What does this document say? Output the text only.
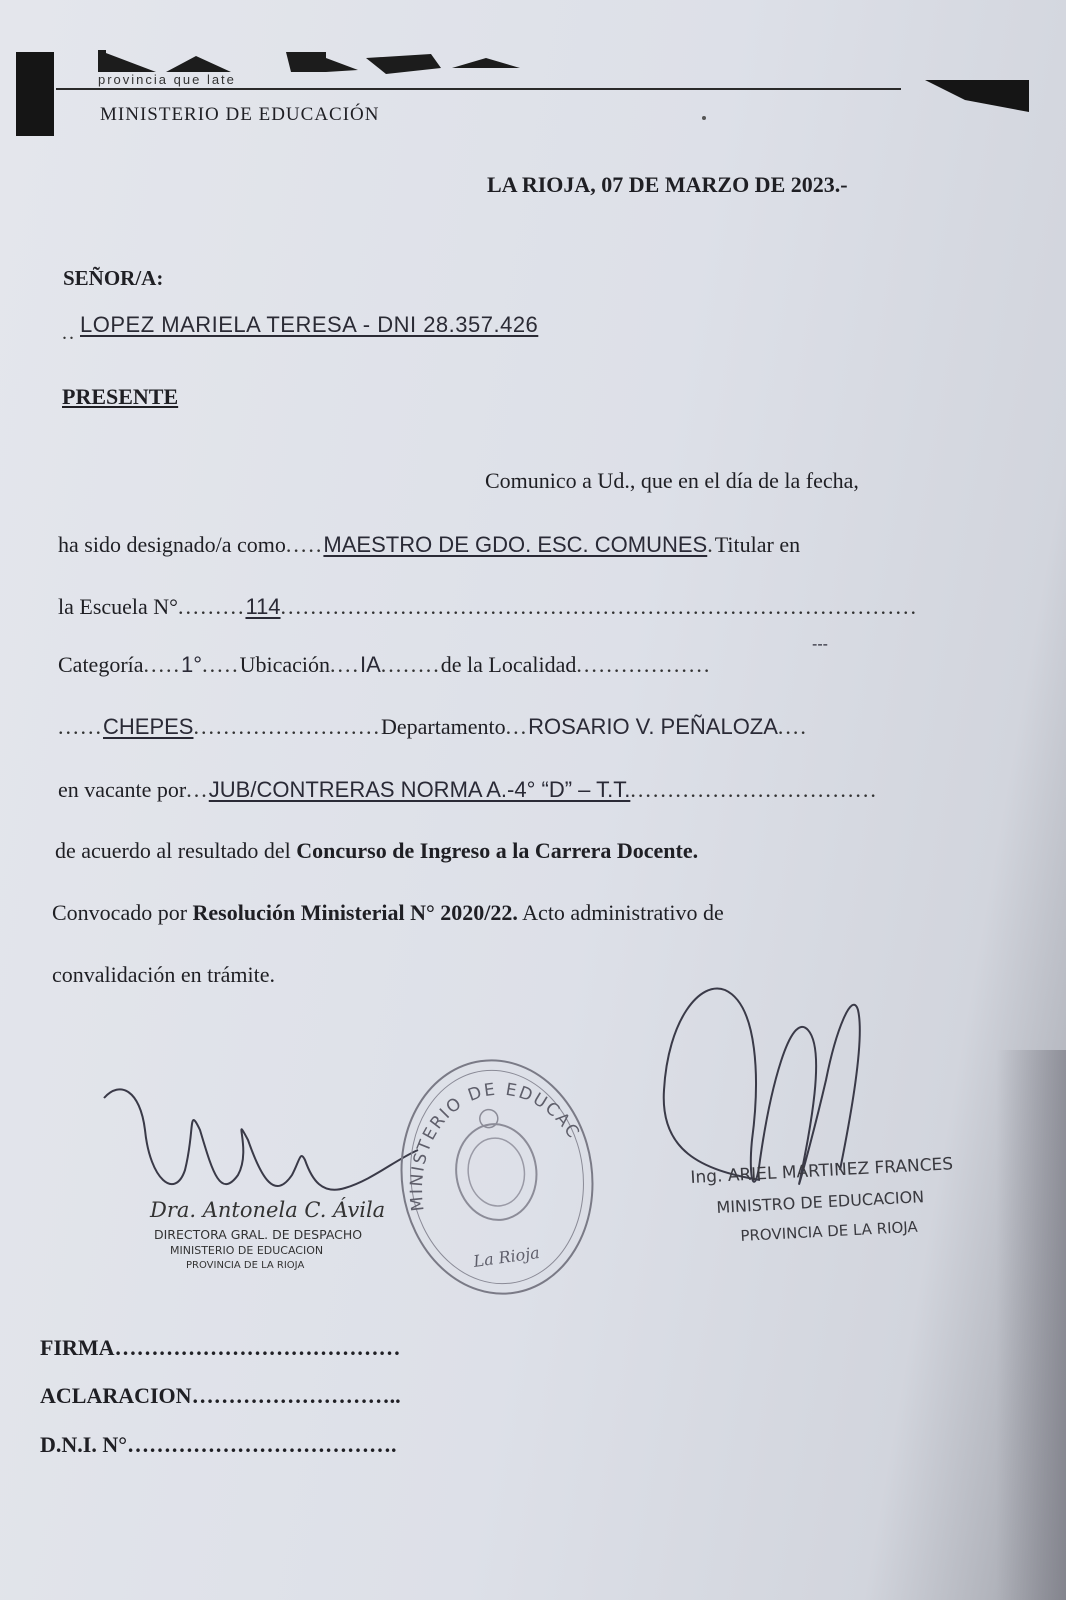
provincia que late
MINISTERIO DE EDUCACIÓN
LA RIOJA, 07 DE MARZO DE 2023.-
SEÑOR/A:
.. LOPEZ MARIELA TERESA - DNI 28.357.426
PRESENTE
Comunico a Ud., que en el día de la fecha,
ha sido designado/a como.....MAESTRO DE GDO. ESC. COMUNES.Titular en
la Escuela N°.........114.....................................................................................
Categoría.....1°.....Ubicación....IA........de la Localidad..................
---
......CHEPES.........................Departamento...ROSARIO V. PEÑALOZA....
en vacante por...JUB/CONTRERAS NORMA A.-4° “D” – T.T..................................
de acuerdo al resultado del Concurso de Ingreso a la Carrera Docente.
Convocado por Resolución Ministerial N° 2020/22. Acto administrativo de
convalidación en trámite.
MINISTERIO DE EDUCACIÓN
La Rioja
Dra. Antonela C. Ávila
DIRECTORA GRAL. DE DESPACHO
MINISTERIO DE EDUCACION
PROVINCIA DE LA RIOJA
Ing. ARIEL MARTINEZ FRANCES
MINISTRO DE EDUCACION
PROVINCIA DE LA RIOJA
FIRMA…………………………………
ACLARACION………………………..
D.N.I. N°……………………………….
